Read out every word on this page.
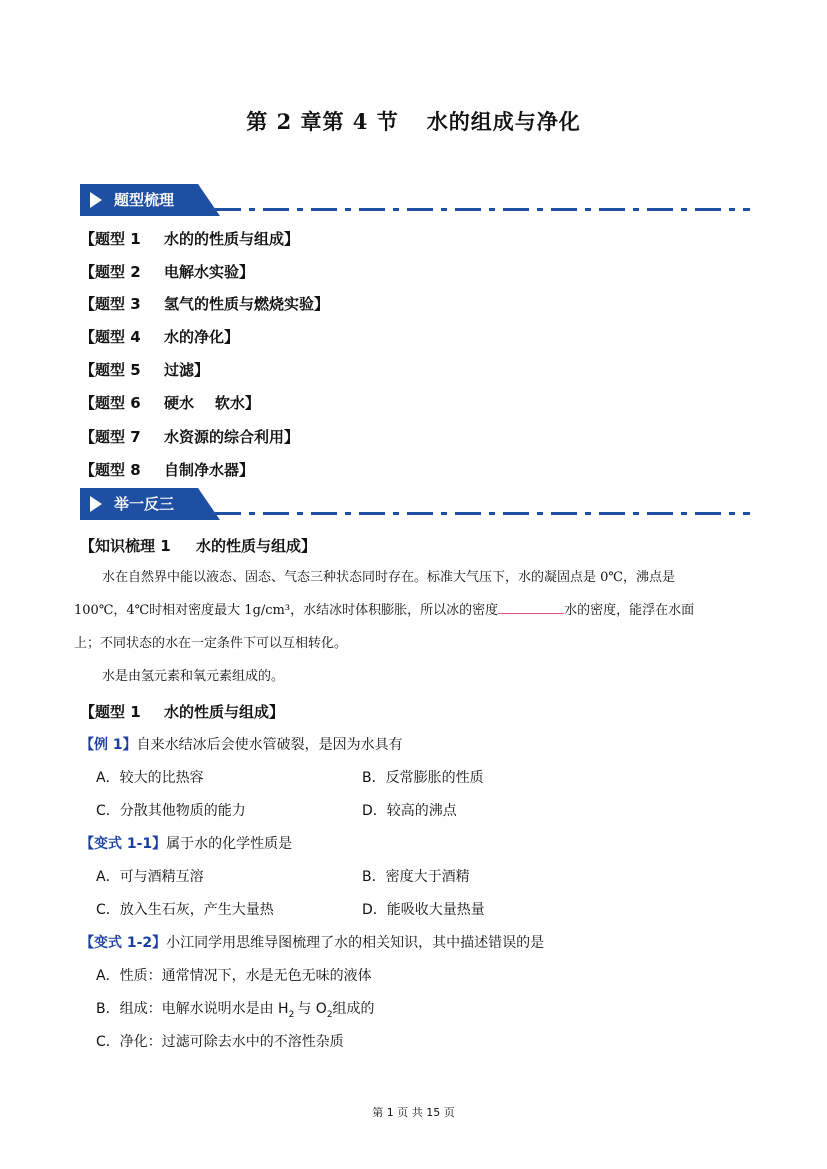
第 2 章第 4 节 水的组成与净化
题型梳理
【题型 1 水的的性质与组成】
【题型 2 电解水实验】
【题型 3 氢气的性质与燃烧实验】
【题型 4 水的净化】
【题型 5 过滤】
【题型 6 硬水    软水】
【题型 7 水资源的综合利用】
【题型 8 自制净水器】
举一反三
【知识梳理 1 水的性质与组成】
水在自然界中能以液态、固态、气态三种状态同时存在。标准大气压下，水的凝固点是 0℃，沸点是
100℃，4℃时相对密度最大 1g/cm³，水结冰时体积膨胀，所以冰的密度	水的密度，能浮在水面
上；不同状态的水在一定条件下可以互相转化。
水是由氢元素和氧元素组成的。
【题型 1 水的性质与组成】
【例 1】自来水结冰后会使水管破裂，是因为水具有
A．较大的比热容	B．反常膨胀的性质
C．分散其他物质的能力	D．较高的沸点
【变式 1-1】属于水的化学性质是
A．可与酒精互溶	B．密度大于酒精
C．放入生石灰，产生大量热	D．能吸收大量热量
【变式 1-2】小江同学用思维导图梳理了水的相关知识，其中描述错误的是
A．性质：通常情况下，水是无色无味的液体
B．组成：电解水说明水是由 $H_2$ 与 $O_2$组成的
C．净化：过滤可除去水中的不溶性杂质
第 1 页 共 15 页
